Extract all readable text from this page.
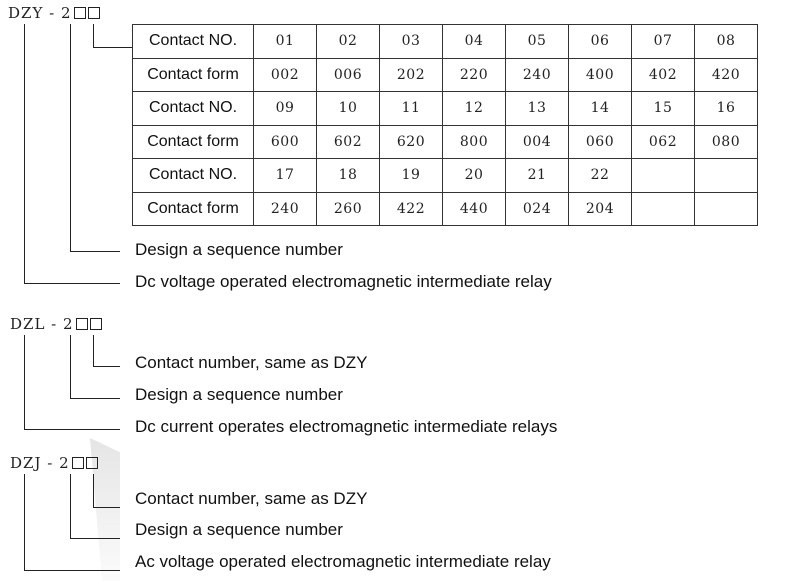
DZY - 2
Contact NO.	01	02	03	04	05	06	07	08
Contact form	002	006	202	220	240	400	402	420
Contact NO.	09	10	11	12	13	14	15	16
Contact form	600	602	620	800	004	060	062	080
Contact NO.	17	18	19	20	21	22		
Contact form	240	260	422	440	024	204		
Design a sequence number
Dc voltage operated electromagnetic intermediate relay
DZL - 2
Contact number, same as DZY
Design a sequence number
Dc current operates electromagnetic intermediate relays
DZJ - 2
Contact number, same as DZY
Design a sequence number
Ac voltage operated electromagnetic intermediate relay
